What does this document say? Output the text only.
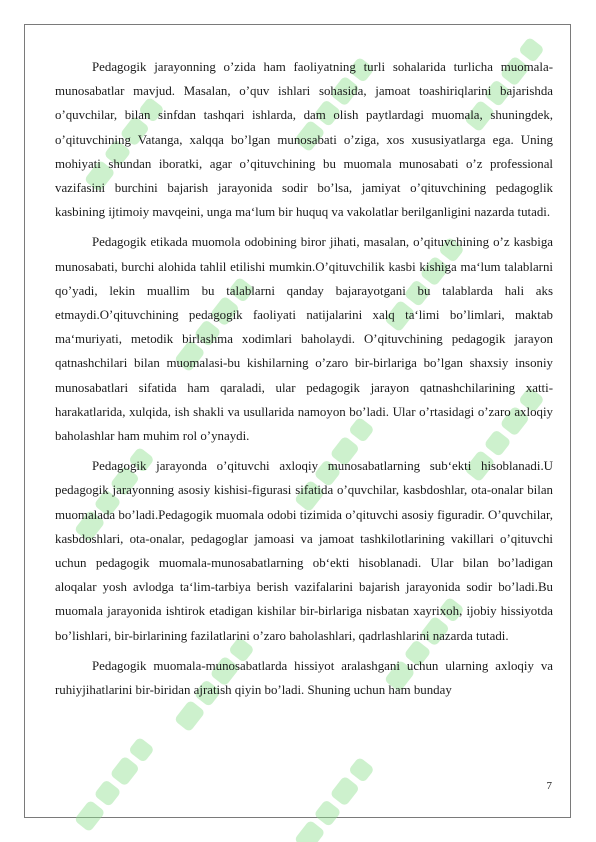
Pedagogik jarayonning o’zida ham faoliyatning turli sohalarida turlicha muomala-munosabatlar mavjud. Masalan, o’quv ishlari sohasida, jamoat toashiriqlarini bajarishda o’quvchilar, bilan sinfdan tashqari ishlarda, dam olish paytlardagi muomala, shuningdek, o’qituvchining Vatanga, xalqqa bo’lgan munosabati o’ziga, xos xususiyatlarga ega. Uning mohiyati shundan iboratki, agar o’qituvchining bu muomala munosabati o’z professional vazifasini burchini bajarish jarayonida sodir bo’lsa, jamiyat o’qituvchining pedagoglik kasbining ijtimoiy mavqeini, unga ma‘lum bir huquq va vakolatlar berilganligini nazarda tutadi.

Pedagogik etikada muomola odobining biror jihati, masalan, o’qituvchining o’z kasbiga munosabati, burchi alohida tahlil etilishi mumkin.O’qituvchilik kasbi kishiga ma‘lum talablarni qo’yadi, lekin muallim bu talablarni qanday bajarayotgani bu talablarda hali aks etmaydi.O’qituvchining pedagogik faoliyati natijalarini xalq ta‘limi bo’limlari, maktab ma‘muriyati, metodik birlashma xodimlari baholaydi. O’qituvchining pedagogik jarayon qatnashchilari bilan muomalasi-bu kishilarning o’zaro bir-birlariga bo’lgan shaxsiy insoniy munosabatlari sifatida ham qaraladi, ular pedagogik jarayon qatnashchilarining xatti-harakatlarida, xulqida, ish shakli va usullarida namoyon bo’ladi. Ular o’rtasidagi o’zaro axloqiy baholashlar ham muhim rol o’ynaydi.

Pedagogik jarayonda o’qituvchi axloqiy munosabatlarning sub‘ekti hisoblanadi.U pedagogik jarayonning asosiy kishisi-figurasi sifatida o’quvchilar, kasbdoshlar, ota-onalar bilan muomalada bo’ladi.Pedagogik muomala odobi tizimida o’qituvchi asosiy figuradir. O’quvchilar, kasbdoshlari, ota-onalar, pedagoglar jamoasi va jamoat tashkilotlarining vakillari o’qituvchi uchun pedagogik muomala-munosabatlarning ob‘ekti hisoblanadi. Ular bilan bo’ladigan aloqalar yosh avlodga ta‘lim-tarbiya berish vazifalarini bajarish jarayonida sodir bo’ladi.Bu muomala jarayonida ishtirok etadigan kishilar bir-birlariga nisbatan xayrixoh, ijobiy hissiyotda bo’lishlari, bir-birlarining fazilatlarini o’zaro baholashlari, qadrlashlarini nazarda tutadi.

Pedagogik muomala-munosabatlarda hissiyot aralashgani uchun ularning axloqiy va ruhiyjihatlarini bir-biridan ajratish qiyin bo’ladi. Shuning uchun ham bunday

7
